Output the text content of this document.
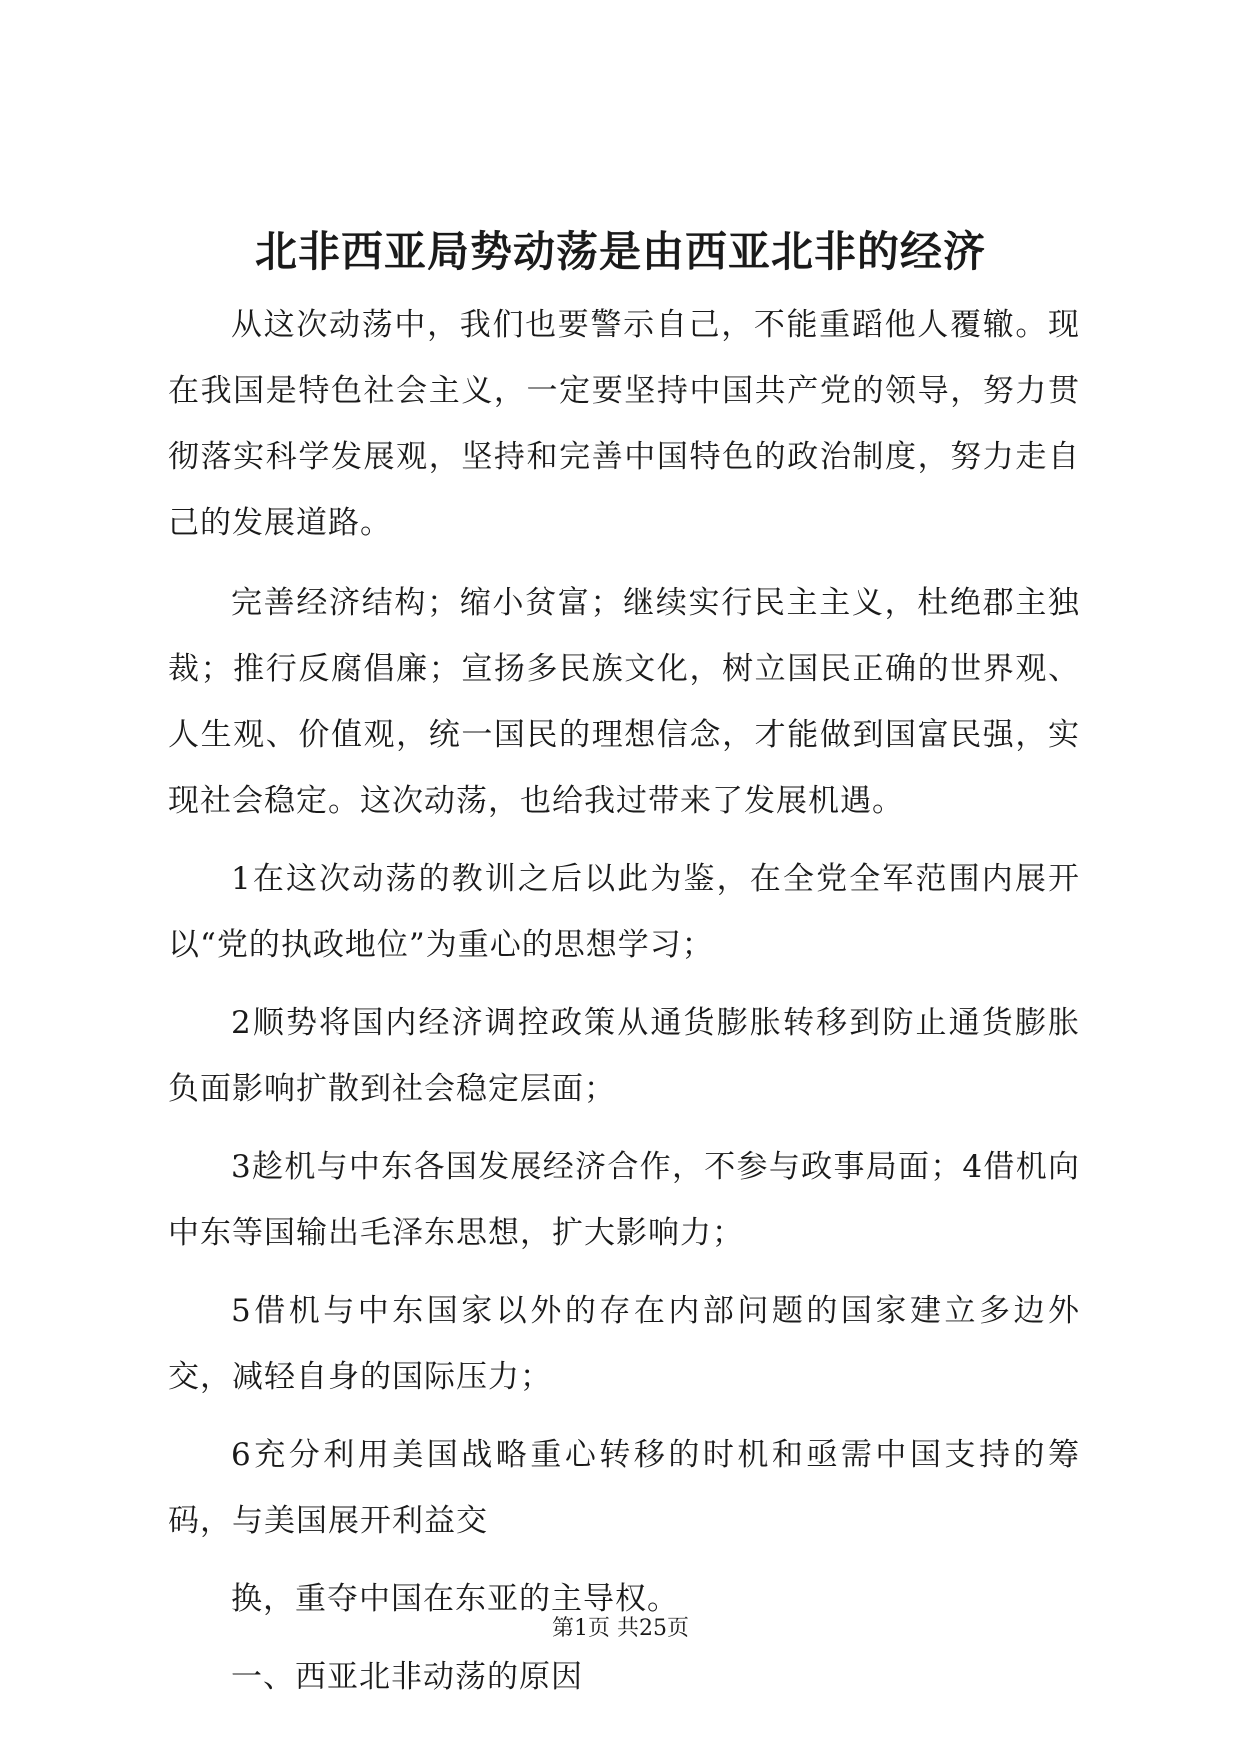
北非西亚局势动荡是由西亚北非的经济

从这次动荡中，我们也要警示自己，不能重蹈他人覆辙。现在我国是特色社会主义，一定要坚持中国共产党的领导，努力贯彻落实科学发展观，坚持和完善中国特色的政治制度，努力走自己的发展道路。

完善经济结构；缩小贫富；继续实行民主主义，杜绝郡主独裁；推行反腐倡廉；宣扬多民族文化，树立国民正确的世界观、人生观、价值观，统一国民的理想信念，才能做到国富民强，实现社会稳定。这次动荡，也给我过带来了发展机遇。

1在这次动荡的教训之后以此为鉴，在全党全军范围内展开以“党的执政地位”为重心的思想学习；

2顺势将国内经济调控政策从通货膨胀转移到防止通货膨胀负面影响扩散到社会稳定层面；

3趁机与中东各国发展经济合作，不参与政事局面；4借机向中东等国输出毛泽东思想，扩大影响力；

5借机与中东国家以外的存在内部问题的国家建立多边外交，减轻自身的国际压力；

6充分利用美国战略重心转移的时机和亟需中国支持的筹码，与美国展开利益交

换，重夺中国在东亚的主导权。

一、西亚北非动荡的原因

第1页 共25页
